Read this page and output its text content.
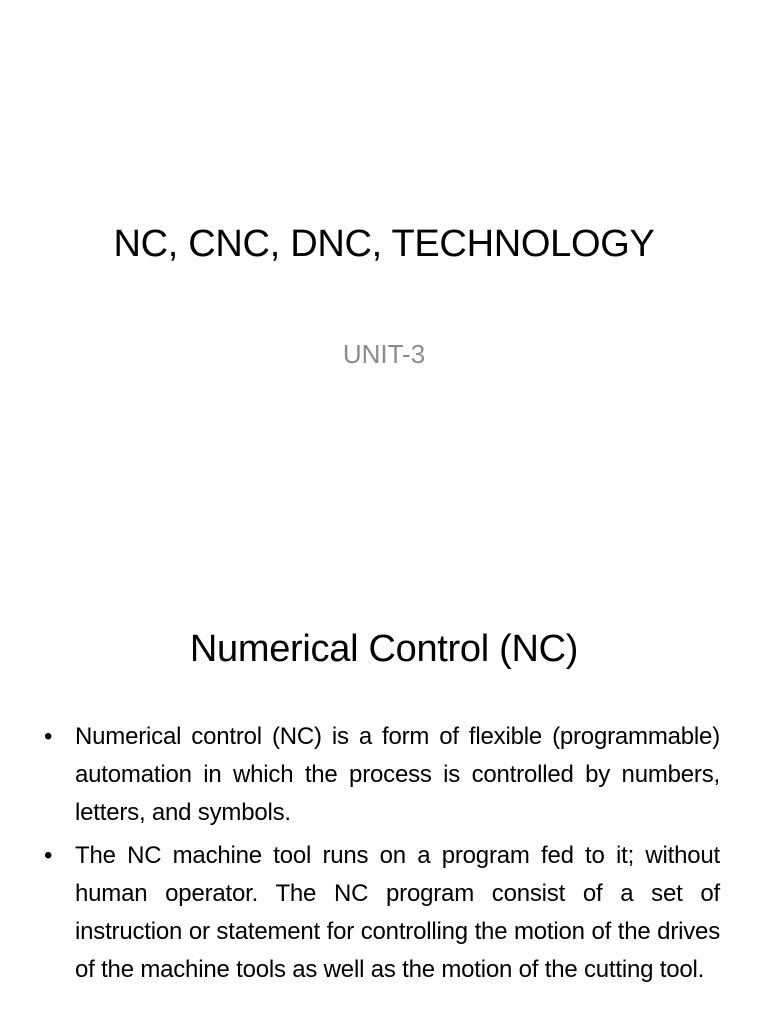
NC, CNC, DNC, TECHNOLOGY
UNIT-3
Numerical Control (NC)
• Numerical control (NC) is a form of flexible (programmable) automation in which the process is controlled by numbers, letters, and symbols.
• The NC machine tool runs on a program fed to it; without human operator. The NC program consist of a set of instruction or statement for controlling the motion of the drives of the machine tools as well as the motion of the cutting tool.
